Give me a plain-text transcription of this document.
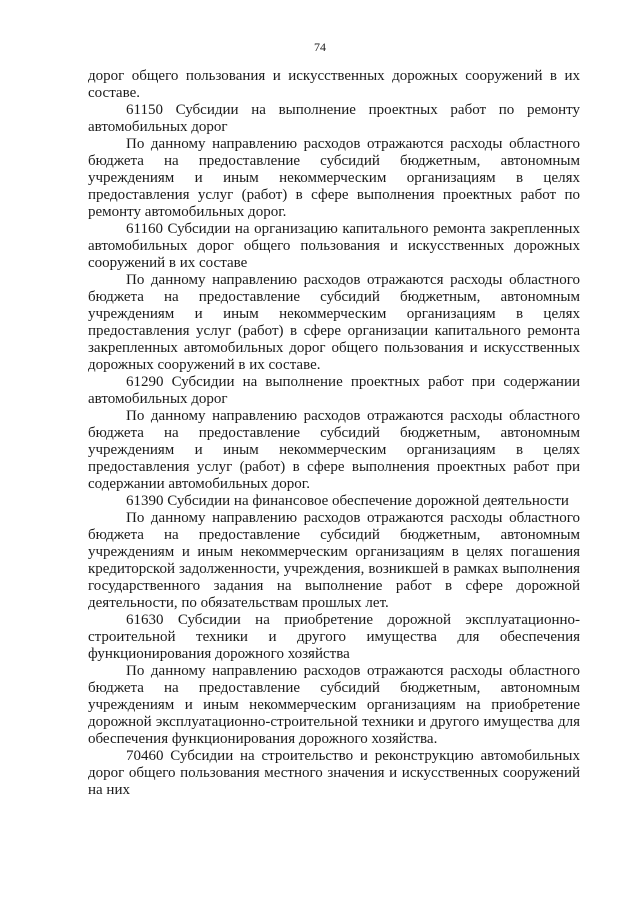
74

дорог общего пользования и искусственных дорожных сооружений в их составе.

61150 Субсидии на выполнение проектных работ по ремонту автомобильных дорог

По данному направлению расходов отражаются расходы областного бюджета на предоставление субсидий бюджетным, автономным учреждениям и иным некоммерческим организациям в целях предоставления услуг (работ) в сфере выполнения проектных работ по ремонту автомобильных дорог.

61160 Субсидии на организацию капитального ремонта закрепленных автомобильных дорог общего пользования и искусственных дорожных сооружений в их составе

По данному направлению расходов отражаются расходы областного бюджета на предоставление субсидий бюджетным, автономным учреждениям и иным некоммерческим организациям в целях предоставления услуг (работ) в сфере организации капитального ремонта закрепленных автомобильных дорог общего пользования и искусственных дорожных сооружений в их составе.

61290 Субсидии на выполнение проектных работ при содержании автомобильных дорог

По данному направлению расходов отражаются расходы областного бюджета на предоставление субсидий бюджетным, автономным учреждениям и иным некоммерческим организациям в целях предоставления услуг (работ) в сфере выполнения проектных работ при содержании автомобильных дорог.

61390 Субсидии на финансовое обеспечение дорожной деятельности

По данному направлению расходов отражаются расходы областного бюджета на предоставление субсидий бюджетным, автономным учреждениям и иным некоммерческим организациям в целях погашения кредиторской задолженности, учреждения, возникшей в рамках выполнения государственного задания на выполнение работ в сфере дорожной деятельности, по обязательствам прошлых лет.

61630 Субсидии на приобретение дорожной эксплуатационно-строительной техники и другого имущества для обеспечения функционирования дорожного хозяйства

По данному направлению расходов отражаются расходы областного бюджета на предоставление субсидий бюджетным, автономным учреждениям и иным некоммерческим организациям на приобретение дорожной эксплуатационно-строительной техники и другого имущества для обеспечения функционирования дорожного хозяйства.

70460 Субсидии на строительство и реконструкцию автомобильных дорог общего пользования местного значения и искусственных сооружений на них
